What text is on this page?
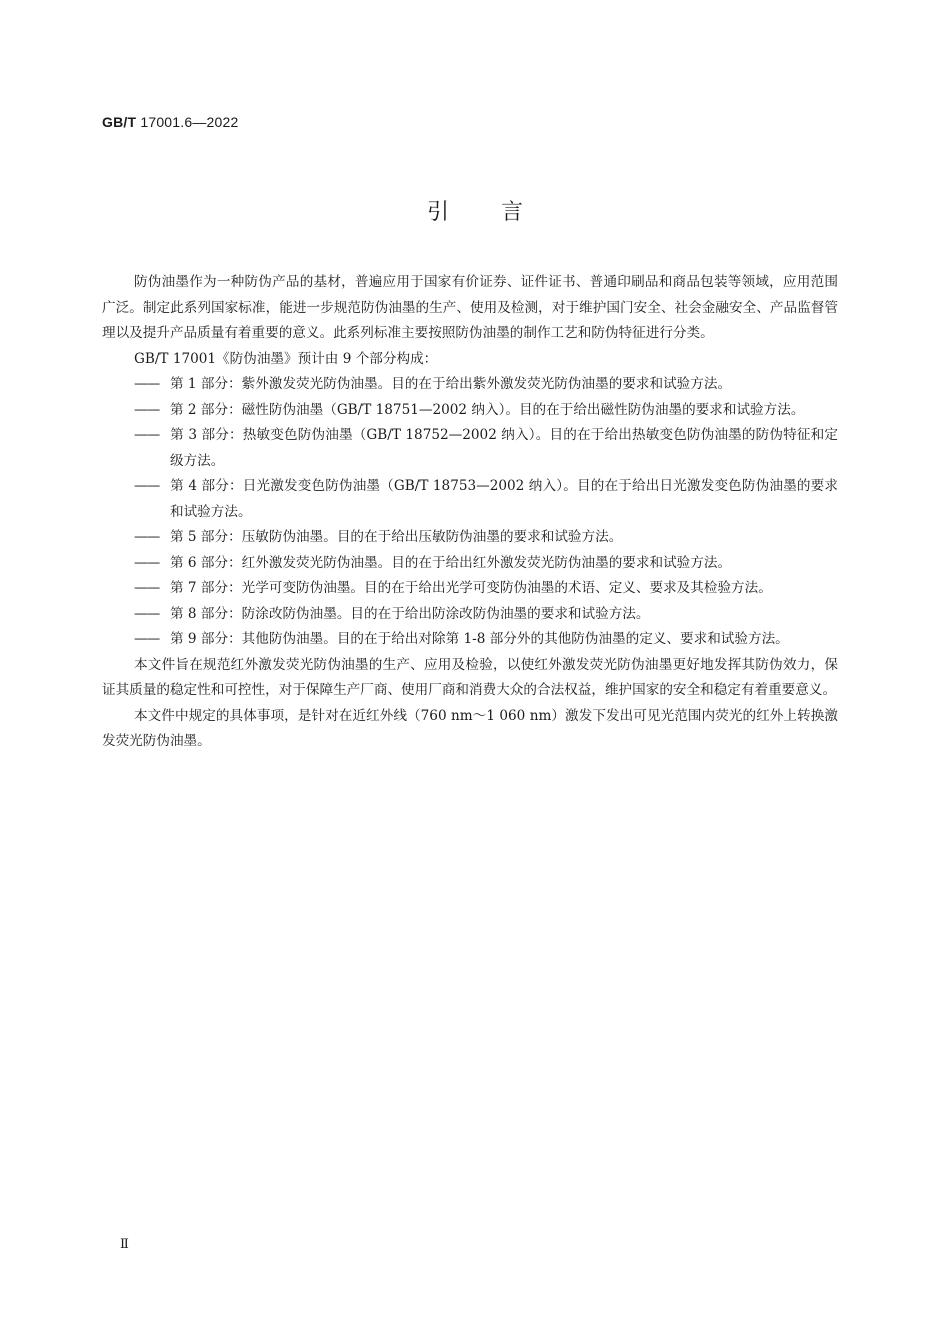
GB/T 17001.6—2022
引言

防伪油墨作为一种防伪产品的基材，普遍应用于国家有价证券、证件证书、普通印刷品和商品包装等领域，应用范围广泛。制定此系列国家标准，能进一步规范防伪油墨的生产、使用及检测，对于维护国门安全、社会金融安全、产品监督管理以及提升产品质量有着重要的意义。此系列标准主要按照防伪油墨的制作工艺和防伪特征进行分类。

GB/T 17001《防伪油墨》预计由 9 个部分构成：

—— 第 1 部分：紫外激发荧光防伪油墨。目的在于给出紫外激发荧光防伪油墨的要求和试验方法。

—— 第 2 部分：磁性防伪油墨（GB/T 18751—2002 纳入）。目的在于给出磁性防伪油墨的要求和试验方法。

—— 第 3 部分：热敏变色防伪油墨（GB/T 18752—2002 纳入）。目的在于给出热敏变色防伪油墨的防伪特征和定级方法。

—— 第 4 部分：日光激发变色防伪油墨（GB/T 18753—2002 纳入）。目的在于给出日光激发变色防伪油墨的要求和试验方法。

—— 第 5 部分：压敏防伪油墨。目的在于给出压敏防伪油墨的要求和试验方法。

—— 第 6 部分：红外激发荧光防伪油墨。目的在于给出红外激发荧光防伪油墨的要求和试验方法。

—— 第 7 部分：光学可变防伪油墨。目的在于给出光学可变防伪油墨的术语、定义、要求及其检验方法。

—— 第 8 部分：防涂改防伪油墨。目的在于给出防涂改防伪油墨的要求和试验方法。

—— 第 9 部分：其他防伪油墨。目的在于给出对除第 1-8 部分外的其他防伪油墨的定义、要求和试验方法。

本文件旨在规范红外激发荧光防伪油墨的生产、应用及检验，以使红外激发荧光防伪油墨更好地发挥其防伪效力，保证其质量的稳定性和可控性，对于保障生产厂商、使用厂商和消费大众的合法权益，维护国家的安全和稳定有着重要意义。

本文件中规定的具体事项，是针对在近红外线（760 nm～1 060 nm）激发下发出可见光范围内荧光的红外上转换激发荧光防伪油墨。

Ⅱ
